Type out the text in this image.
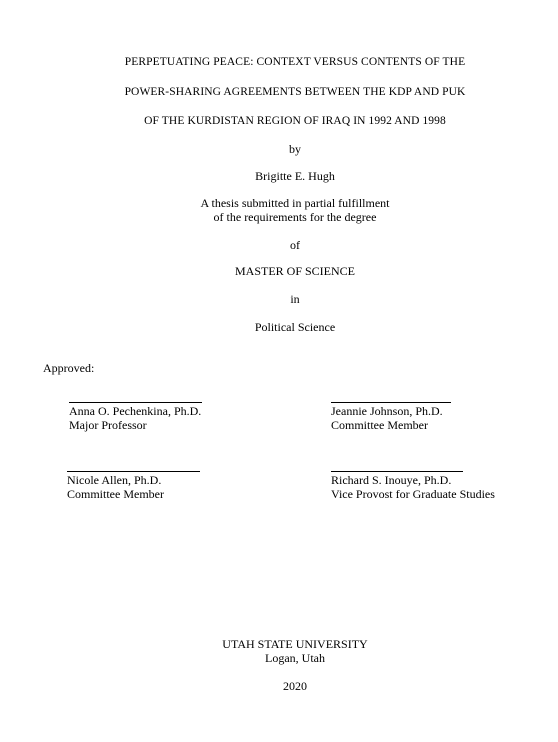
PERPETUATING PEACE: CONTEXT VERSUS CONTENTS OF THE
POWER-SHARING AGREEMENTS BETWEEN THE KDP AND PUK
OF THE KURDISTAN REGION OF IRAQ IN 1992 AND 1998
by
Brigitte E. Hugh
A thesis submitted in partial fulfillment
of the requirements for the degree
of
MASTER OF SCIENCE
in
Political Science
Approved:
Anna O. Pechenkina, Ph.D.
Major Professor
Jeannie Johnson, Ph.D.
Committee Member
Nicole Allen, Ph.D.
Committee Member
Richard S. Inouye, Ph.D.
Vice Provost for Graduate Studies
UTAH STATE UNIVERSITY
Logan, Utah
2020
